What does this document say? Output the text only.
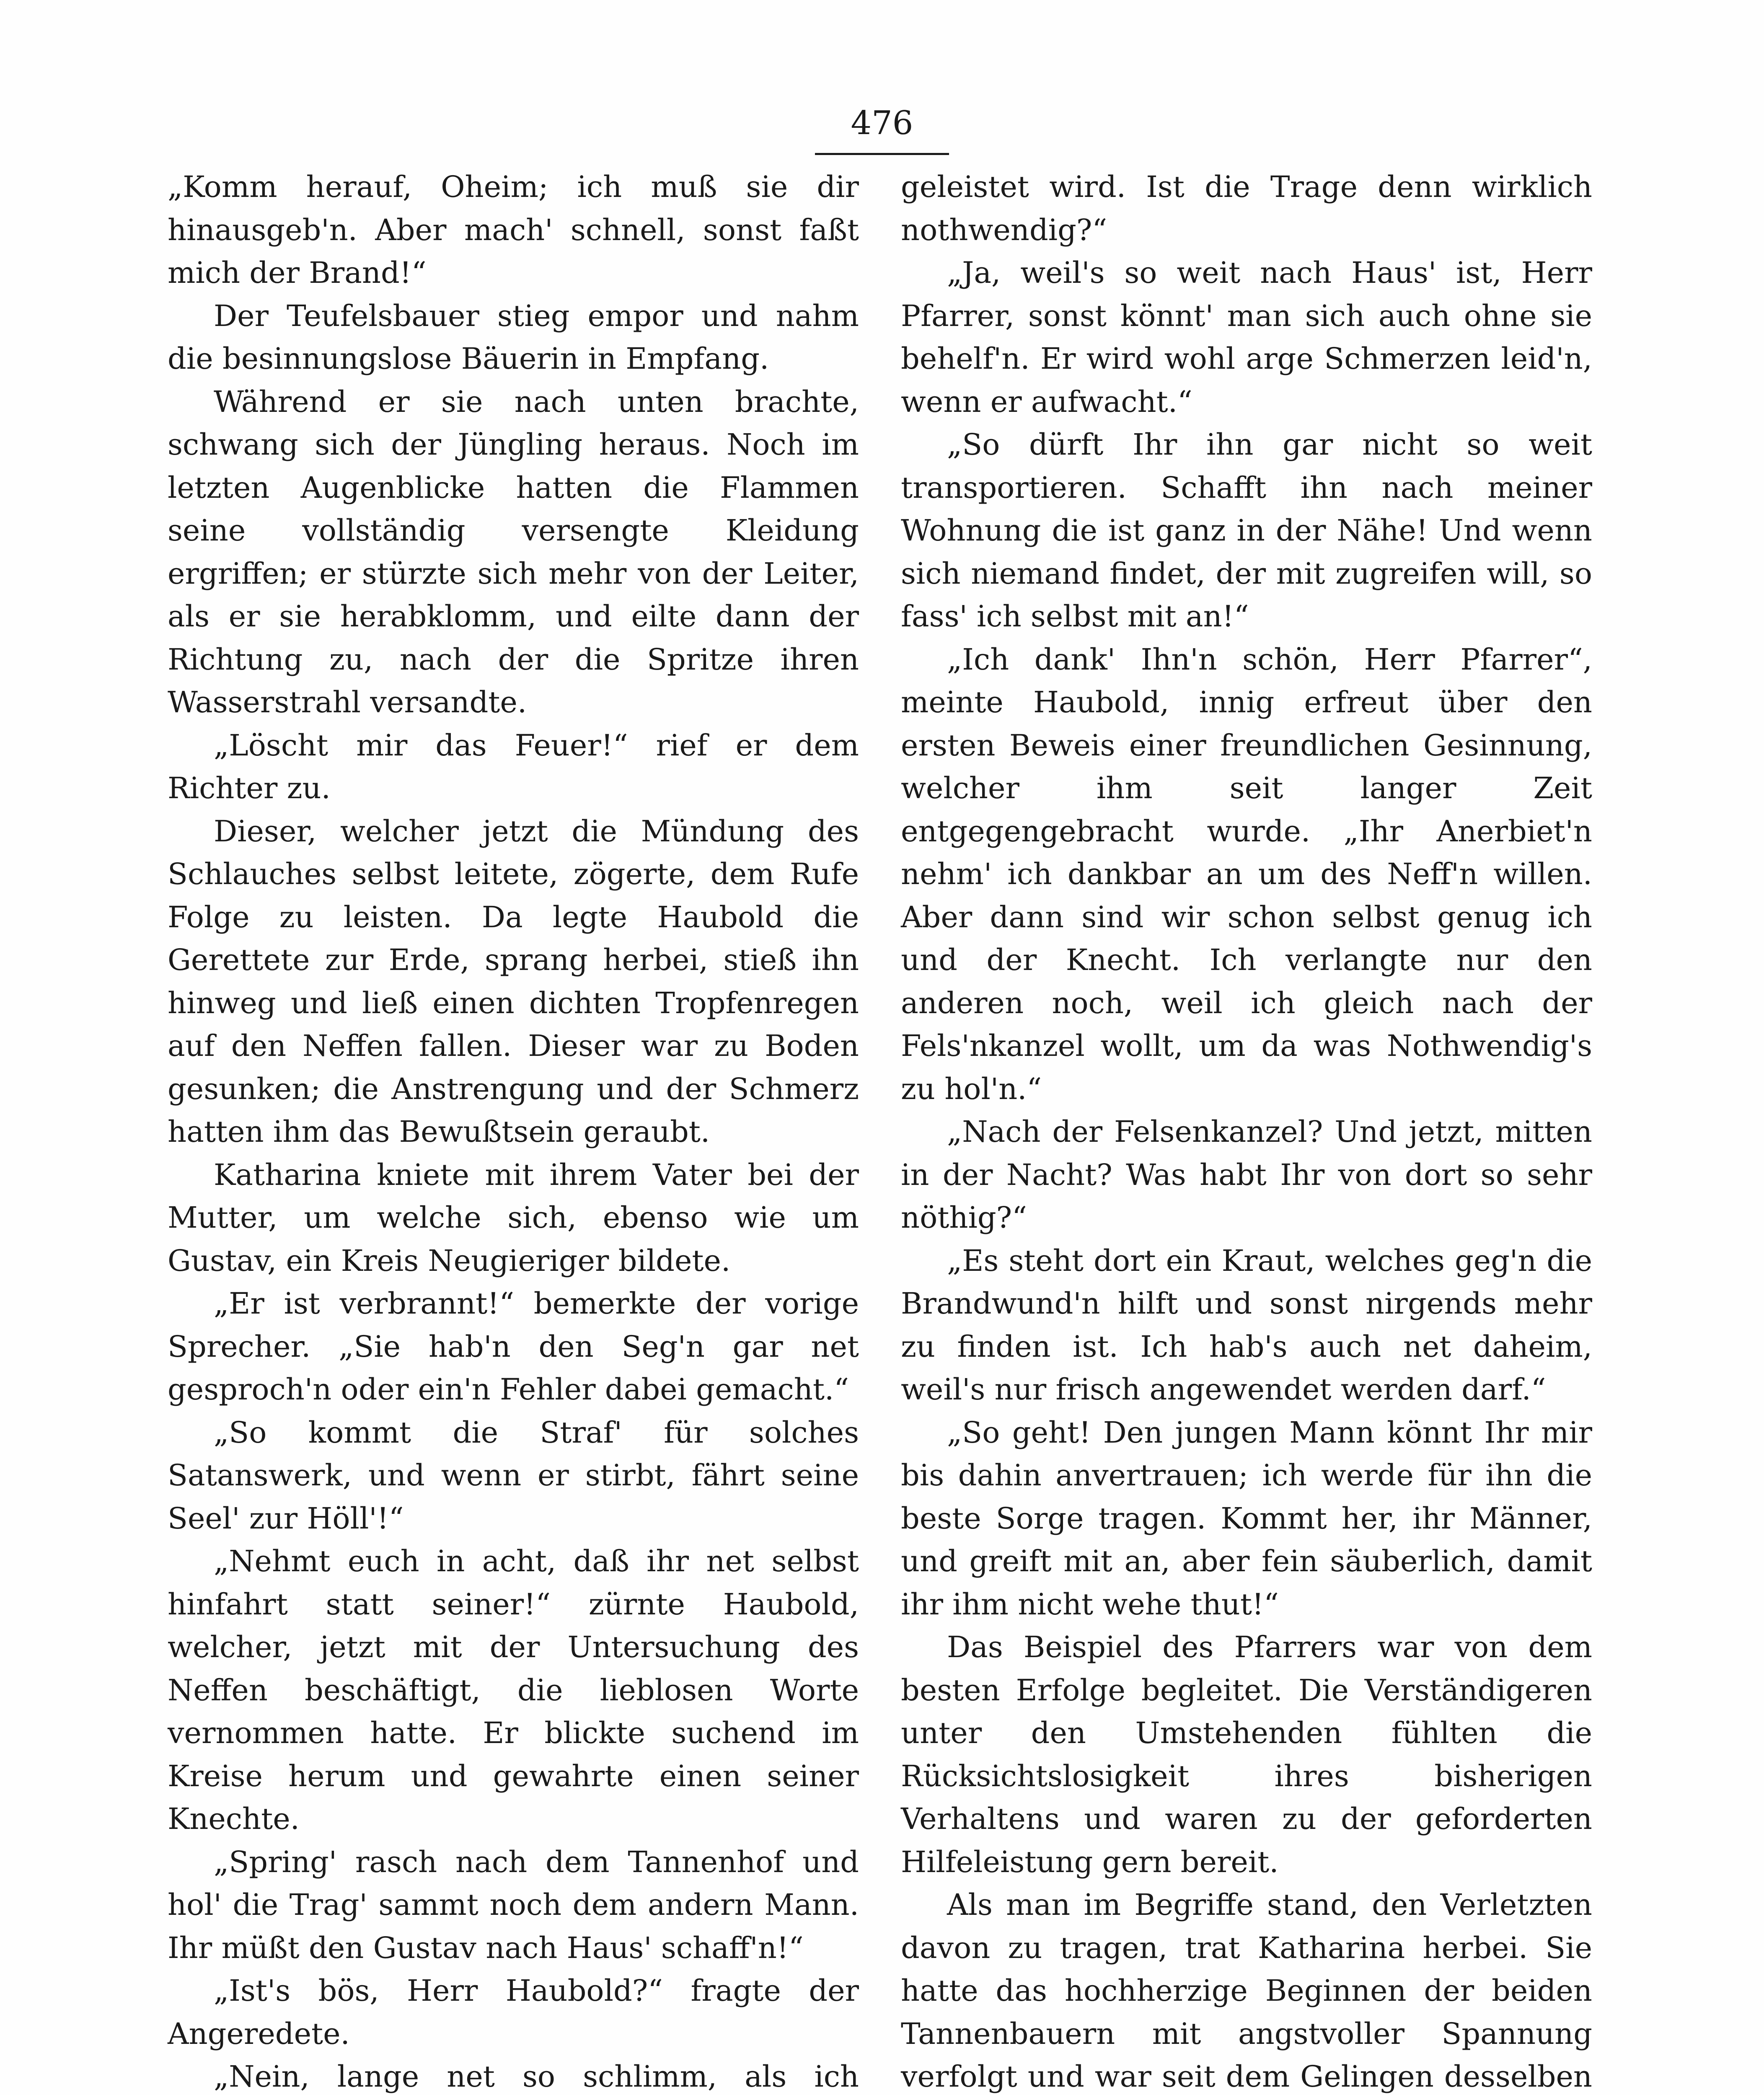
476

„Komm herauf, Oheim; ich muß sie dir hinausgeb'n. Aber mach' schnell, sonst faßt mich der Brand!“

Der Teufelsbauer stieg empor und nahm die besinnungslose Bäuerin in Empfang.

Während er sie nach unten brachte, schwang sich der Jüngling heraus. Noch im letzten Augenblicke hatten die Flammen seine vollständig versengte Kleidung ergriffen; er stürzte sich mehr von der Leiter, als er sie herabklomm, und eilte dann der Richtung zu, nach der die Spritze ihren Wasserstrahl versandte.

„Löscht mir das Feuer!“ rief er dem Richter zu.

Dieser, welcher jetzt die Mündung des Schlauches selbst leitete, zögerte, dem Rufe Folge zu leisten. Da legte Haubold die Gerettete zur Erde, sprang herbei, stieß ihn hinweg und ließ einen dichten Tropfenregen auf den Neffen fallen. Dieser war zu Boden gesunken; die Anstrengung und der Schmerz hatten ihm das Bewußtsein geraubt.

Katharina kniete mit ihrem Vater bei der Mutter, um welche sich, ebenso wie um Gustav, ein Kreis Neugieriger bildete.

„Er ist verbrannt!“ bemerkte der vorige Sprecher. „Sie hab'n den Seg'n gar net gesproch'n oder ein'n Fehler dabei gemacht.“

„So kommt die Straf' für solches Satanswerk, und wenn er stirbt, fährt seine Seel' zur Höll'!“

„Nehmt euch in acht, daß ihr net selbst hinfahrt statt seiner!“ zürnte Haubold, welcher, jetzt mit der Untersuchung des Neffen beschäftigt, die lieblosen Worte vernommen hatte. Er blickte suchend im Kreise herum und gewahrte einen seiner Knechte.

„Spring' rasch nach dem Tannenhof und hol' die Trag' sammt noch dem andern Mann. Ihr müßt den Gustav nach Haus' schaff'n!“

„Ist's bös, Herr Haubold?“ fragte der Angeredete.

„Nein, lange net so schlimm, als ich

geleistet wird. Ist die Trage denn wirklich nothwendig?“

„Ja, weil's so weit nach Haus' ist, Herr Pfarrer, sonst könnt' man sich auch ohne sie behelf'n. Er wird wohl arge Schmerzen leid'n, wenn er aufwacht.“

„So dürft Ihr ihn gar nicht so weit transportieren. Schafft ihn nach meiner Wohnung die ist ganz in der Nähe! Und wenn sich niemand findet, der mit zugreifen will, so fass' ich selbst mit an!“

„Ich dank' Ihn'n schön, Herr Pfarrer“, meinte Haubold, innig erfreut über den ersten Beweis einer freundlichen Gesinnung, welcher ihm seit langer Zeit entgegengebracht wurde. „Ihr Anerbiet'n nehm' ich dankbar an um des Neff'n willen. Aber dann sind wir schon selbst genug ich und der Knecht. Ich verlangte nur den anderen noch, weil ich gleich nach der Fels'nkanzel wollt, um da was Nothwendig's zu hol'n.“

„Nach der Felsenkanzel? Und jetzt, mitten in der Nacht? Was habt Ihr von dort so sehr nöthig?“

„Es steht dort ein Kraut, welches geg'n die Brandwund'n hilft und sonst nirgends mehr zu finden ist. Ich hab's auch net daheim, weil's nur frisch angewendet werden darf.“

„So geht! Den jungen Mann könnt Ihr mir bis dahin anvertrauen; ich werde für ihn die beste Sorge tragen. Kommt her, ihr Männer, und greift mit an, aber fein säuberlich, damit ihr ihm nicht wehe thut!“

Das Beispiel des Pfarrers war von dem besten Erfolge begleitet. Die Verständigeren unter den Umstehenden fühlten die Rücksichtslosigkeit ihres bisherigen Verhaltens und waren zu der geforderten Hilfeleistung gern bereit.

Als man im Begriffe stand, den Verletzten davon zu tragen, trat Katharina herbei. Sie hatte das hochherzige Beginnen der beiden Tannenbauern mit angstvoller Spannung verfolgt und war seit dem Gelingen desselben
